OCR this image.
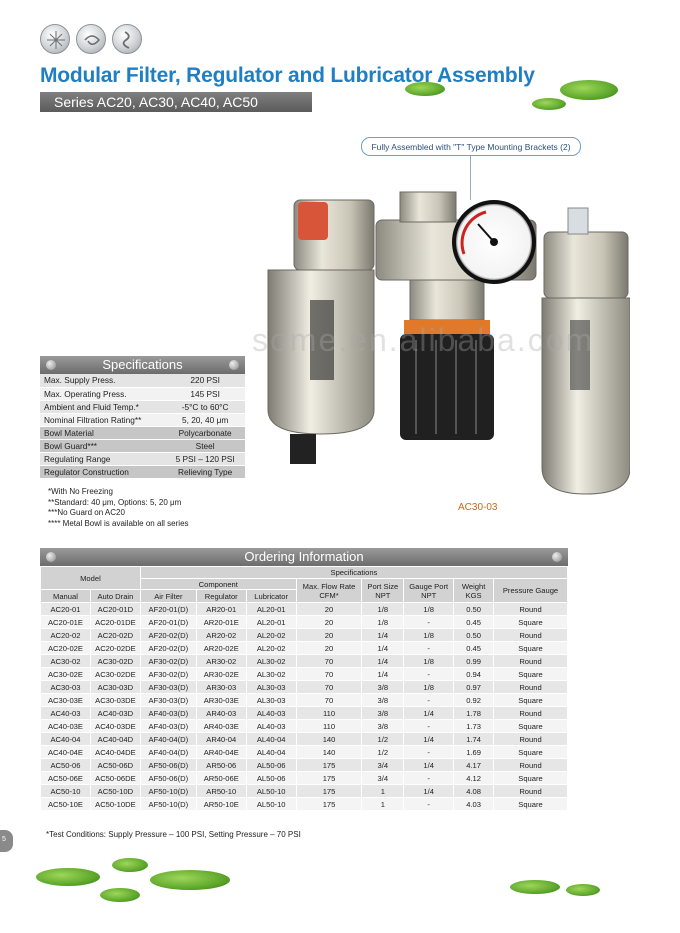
Modular Filter, Regulator and Lubricator Assembly
Series AC20, AC30, AC40, AC50
Fully Assembled with "T" Type Mounting Brackets (2)
AC30-03
some.en.alibaba.com
Specifications
Max. Supply Press.	220 PSI
Max. Operating Press.	145 PSI
Ambient and Fluid Temp.*	-5°C to 60°C
Nominal Filtration Rating**	5, 20, 40 μm
Bowl Material	Polycarbonate
Bowl Guard***	Steel
Regulating Range	5 PSI – 120 PSI
Regulator Construction	Relieving Type
*With No Freezing
**Standard: 40 μm, Options: 5, 20 μm
***No Guard on AC20
**** Metal Bowl is available on all series
Ordering Information
Model		Specifications							
		Component			Max. Flow Rate CFM*	Port Size NPT	Gauge Port NPT	Weight KGS	Pressure Gauge
Manual	Auto Drain	Air Filter	Regulator	Lubricator					
AC20-01	AC20-01D	AF20-01(D)	AR20-01	AL20-01	20	1/8	1/8	0.50	Round
AC20-01E	AC20-01DE	AF20-01(D)	AR20-01E	AL20-01	20	1/8	-	0.45	Square
AC20-02	AC20-02D	AF20-02(D)	AR20-02	AL20-02	20	1/4	1/8	0.50	Round
AC20-02E	AC20-02DE	AF20-02(D)	AR20-02E	AL20-02	20	1/4	-	0.45	Square
AC30-02	AC30-02D	AF30-02(D)	AR30-02	AL30-02	70	1/4	1/8	0.99	Round
AC30-02E	AC30-02DE	AF30-02(D)	AR30-02E	AL30-02	70	1/4	-	0.94	Square
AC30-03	AC30-03D	AF30-03(D)	AR30-03	AL30-03	70	3/8	1/8	0.97	Round
AC30-03E	AC30-03DE	AF30-03(D)	AR30-03E	AL30-03	70	3/8	-	0.92	Square
AC40-03	AC40-03D	AF40-03(D)	AR40-03	AL40-03	110	3/8	1/4	1.78	Round
AC40-03E	AC40-03DE	AF40-03(D)	AR40-03E	AL40-03	110	3/8	-	1.73	Square
AC40-04	AC40-04D	AF40-04(D)	AR40-04	AL40-04	140	1/2	1/4	1.74	Round
AC40-04E	AC40-04DE	AF40-04(D)	AR40-04E	AL40-04	140	1/2	-	1.69	Square
AC50-06	AC50-06D	AF50-06(D)	AR50-06	AL50-06	175	3/4	1/4	4.17	Round
AC50-06E	AC50-06DE	AF50-06(D)	AR50-06E	AL50-06	175	3/4	-	4.12	Square
AC50-10	AC50-10D	AF50-10(D)	AR50-10	AL50-10	175	1	1/4	4.08	Round
AC50-10E	AC50-10DE	AF50-10(D)	AR50-10E	AL50-10	175	1	-	4.03	Square
*Test Conditions: Supply Pressure – 100 PSI, Setting Pressure – 70 PSI
5
